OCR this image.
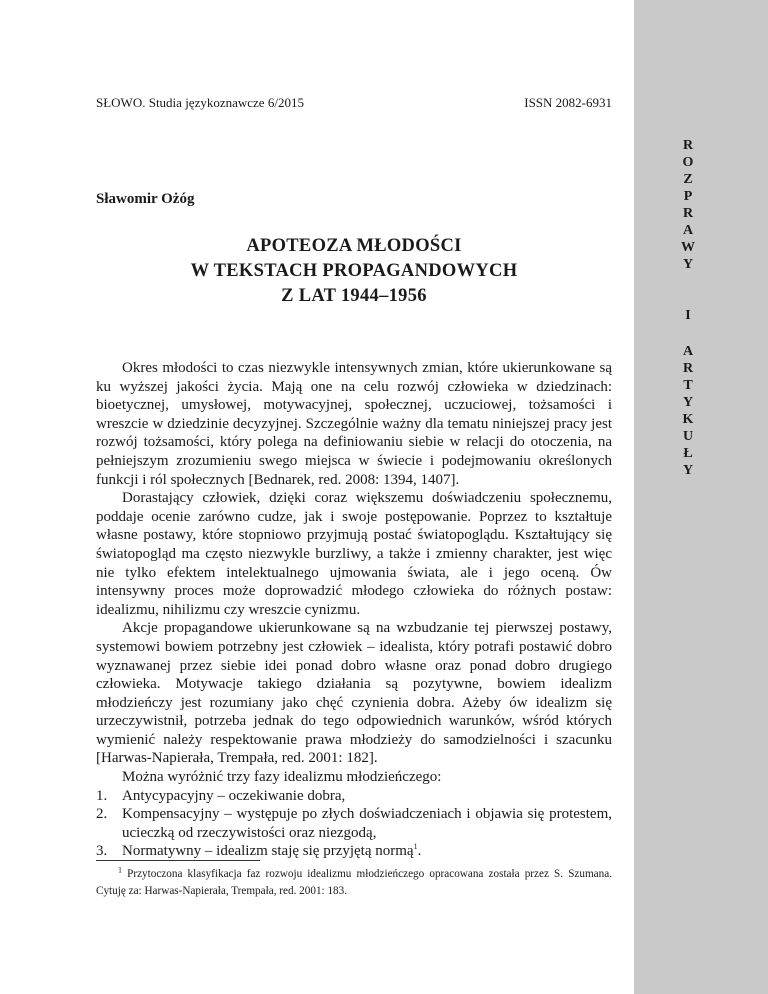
R
O
Z
P
R
A
W
Y
I
A
R
T
Y
K
U
Ł
Y
SŁOWO. Studia językoznawcze 6/2015	ISSN 2082-6931
Sławomir Ożóg
APOTEOZA MŁODOŚCI
W TEKSTACH PROPAGANDOWYCH
Z LAT 1944–1956

Okres młodości to czas niezwykle intensywnych zmian, które ukierunkowane są ku wyższej jakości życia. Mają one na celu rozwój człowieka w dziedzinach: bioetycznej, umysłowej, motywacyjnej, społecznej, uczuciowej, tożsamości i wreszcie w dziedzinie decyzyjnej. Szczególnie ważny dla tematu niniejszej pracy jest rozwój tożsamości, który polega na definiowaniu siebie w relacji do otoczenia, na pełniejszym zrozumieniu swego miejsca w świecie i podejmowaniu określonych funkcji i ról społecznych [Bednarek, red. 2008: 1394, 1407].

Dorastający człowiek, dzięki coraz większemu doświadczeniu społecznemu, poddaje ocenie zarówno cudze, jak i swoje postępowanie. Poprzez to kształtuje własne postawy, które stopniowo przyjmują postać światopoglądu. Kształtujący się światopogląd ma często niezwykle burzliwy, a także i zmienny charakter, jest więc nie tylko efektem intelektualnego ujmowania świata, ale i jego oceną. Ów intensywny proces może doprowadzić młodego człowieka do różnych postaw: idealizmu, nihilizmu czy wreszcie cynizmu.

Akcje propagandowe ukierunkowane są na wzbudzanie tej pierwszej postawy, systemowi bowiem potrzebny jest człowiek – idealista, który potrafi postawić dobro wyznawanej przez siebie idei ponad dobro własne oraz ponad dobro drugiego człowieka. Motywacje takiego działania są pozytywne, bowiem idealizm młodzieńczy jest rozumiany jako chęć czynienia dobra. Ażeby ów idealizm się urzeczywistnił, potrzeba jednak do tego odpowiednich warunków, wśród których wymienić należy respektowanie prawa młodzieży do samodzielności i szacunku [Harwas-Napierała, Trempała, red. 2001: 182].

Można wyróżnić trzy fazy idealizmu młodzieńczego:

1. Antycypacyjny – oczekiwanie dobra,
2. Kompensacyjny – występuje po złych doświadczeniach i objawia się protestem, ucieczką od rzeczywistości oraz niezgodą,
3. Normatywny – idealizm staję się przyjętą normą$^1$.

$^1$ Przytoczona klasyfikacja faz rozwoju idealizmu młodzieńczego opracowana została przez S. Szumana. Cytuję za: Harwas-Napierała, Trempała, red. 2001: 183.
